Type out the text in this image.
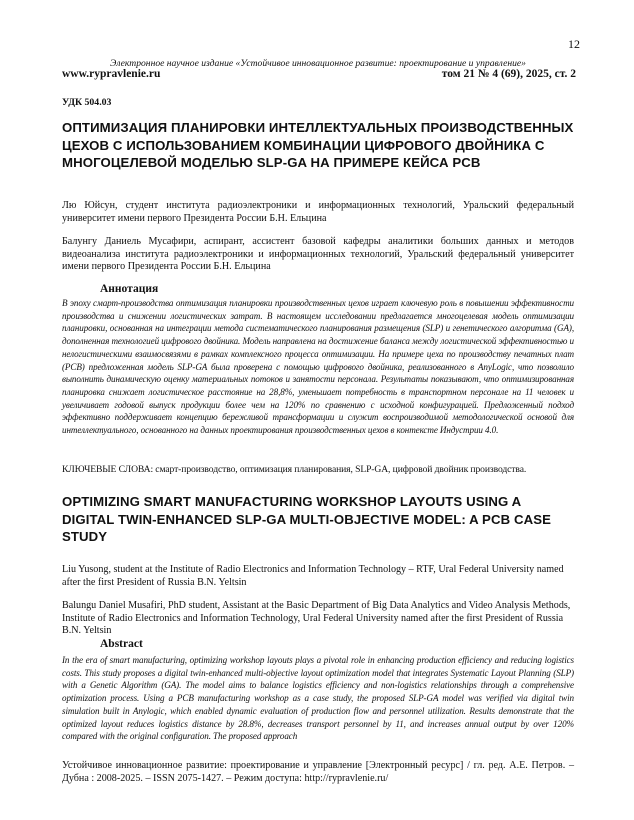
12
Электронное научное издание «Устойчивое инновационное развитие: проектирование и управление»
www.rypravlenie.ru	том 21 № 4 (69), 2025, ст. 2
УДК 504.03
ОПТИМИЗАЦИЯ ПЛАНИРОВКИ ИНТЕЛЛЕКТУАЛЬНЫХ ПРОИЗВОДСТВЕННЫХ ЦЕХОВ С ИСПОЛЬЗОВАНИЕМ КОМБИНАЦИИ ЦИФРОВОГО ДВОЙНИКА С МНОГОЦЕЛЕВОЙ МОДЕЛЬЮ SLP-GA НА ПРИМЕРЕ КЕЙСА PCB
Лю Юйсун, студент института радиоэлектроники и информационных технологий, Уральский федеральный университет имени первого Президента России Б.Н. Ельцина
Балунгу Даниель Мусафири, аспирант, ассистент базовой кафедры аналитики больших данных и методов видеоанализа института радиоэлектроники и информационных технологий, Уральский федеральный университет имени первого Президента России Б.Н. Ельцина
Аннотация
В эпоху смарт-производства оптимизация планировки производственных цехов играет ключевую роль в повышении эффективности производства и снижении логистических затрат. В настоящем исследовании предлагается многоцелевая модель оптимизации планировки, основанная на интеграции метода систематического планирования размещения (SLP) и генетического алгоритма (GA), дополненная технологией цифрового двойника. Модель направлена на достижение баланса между логистической эффективностью и нелогистическими взаимосвязями в рамках комплексного процесса оптимизации. На примере цеха по производству печатных плат (PCB) предложенная модель SLP-GA была проверена с помощью цифрового двойника, реализованного в AnyLogic, что позволило выполнить динамическую оценку материальных потоков и занятости персонала. Результаты показывают, что оптимизированная планировка снижает логистическое расстояние на 28,8%, уменьшает потребность в транспортном персонале на 11 человек и увеличивает годовой выпуск продукции более чем на 120% по сравнению с исходной конфигурацией. Предложенный подход эффективно поддерживает концепцию бережливой трансформации и служит воспроизводимой методологической основой для интеллектуального, основанного на данных проектирования производственных цехов в контексте Индустрии 4.0.
КЛЮЧЕВЫЕ СЛОВА: смарт-производство, оптимизация планирования, SLP-GA, цифровой двойник производства.
OPTIMIZING SMART MANUFACTURING WORKSHOP LAYOUTS USING A DIGITAL TWIN-ENHANCED SLP-GA MULTI-OBJECTIVE MODEL: A PCB CASE STUDY
Liu Yusong, student at the Institute of Radio Electronics and Information Technology – RTF, Ural Federal University named after the first President of Russia B.N. Yeltsin
Balungu Daniel Musafiri, PhD student, Assistant at the Basic Department of Big Data Analytics and Video Analysis Methods, Institute of Radio Electronics and Information Technology, Ural Federal University named after the first President of Russia B.N. Yeltsin
Abstract
In the era of smart manufacturing, optimizing workshop layouts plays a pivotal role in enhancing production efficiency and reducing logistics costs. This study proposes a digital twin-enhanced multi-objective layout optimization model that integrates Systematic Layout Planning (SLP) with a Genetic Algorithm (GA). The model aims to balance logistics efficiency and non-logistics relationships through a comprehensive optimization process. Using a PCB manufacturing workshop as a case study, the proposed SLP-GA model was verified via digital twin simulation built in Anylogic, which enabled dynamic evaluation of production flow and personnel utilization. Results demonstrate that the optimized layout reduces logistics distance by 28.8%, decreases transport personnel by 11, and increases annual output by over 120% compared with the original configuration. The proposed approach
Устойчивое инновационное развитие: проектирование и управление [Электронный ресурс] / гл. ред. А.Е. Петров. – Дубна : 2008-2025. – ISSN 2075-1427. – Режим доступа: http://rypravlenie.ru/
